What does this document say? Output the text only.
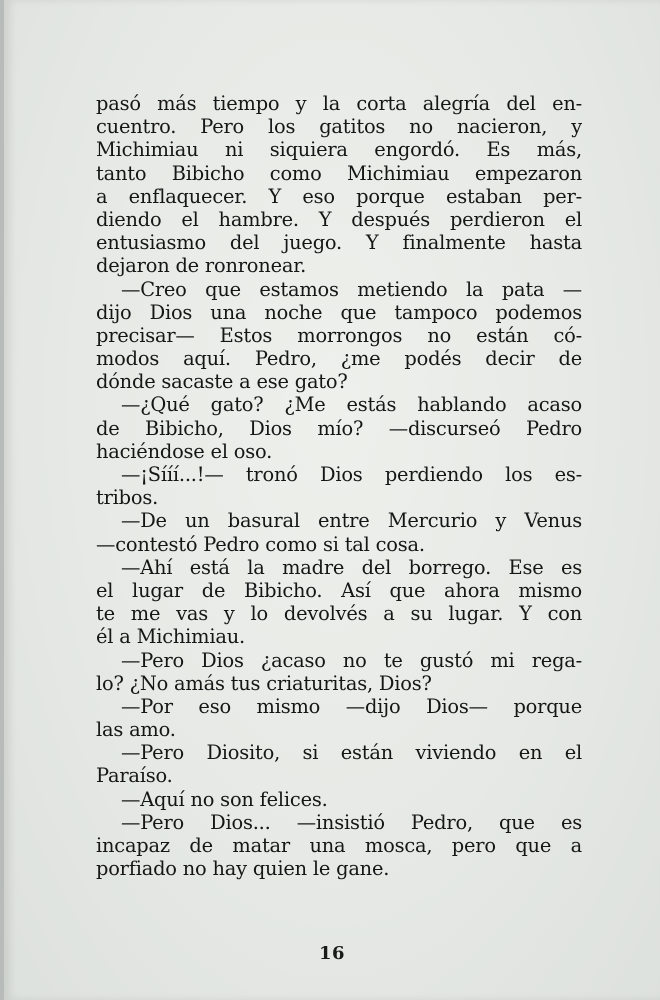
pasó más tiempo y la corta alegría del en-
cuentro. Pero los gatitos no nacieron, y
Michimiau ni siquiera engordó. Es más,
tanto Bibicho como Michimiau empezaron
a enflaquecer. Y eso porque estaban per-
diendo el hambre. Y después perdieron el
entusiasmo del juego. Y finalmente hasta
dejaron de ronronear.
—Creo que estamos metiendo la pata —
dijo Dios una noche que tampoco podemos
precisar— Estos morrongos no están có-
modos aquí. Pedro, ¿me podés decir de
dónde sacaste a ese gato?
—¿Qué gato? ¿Me estás hablando acaso
de Bibicho, Dios mío? —discurseó Pedro
haciéndose el oso.
—¡Sííí...!— tronó Dios perdiendo los es-
tribos.
—De un basural entre Mercurio y Venus
—contestó Pedro como si tal cosa.
—Ahí está la madre del borrego. Ese es
el lugar de Bibicho. Así que ahora mismo
te me vas y lo devolvés a su lugar. Y con
él a Michimiau.
—Pero Dios ¿acaso no te gustó mi rega-
lo? ¿No amás tus criaturitas, Dios?
—Por eso mismo —dijo Dios— porque
las amo.
—Pero Diosito, si están viviendo en el
Paraíso.
—Aquí no son felices.
—Pero Dios... —insistió Pedro, que es
incapaz de matar una mosca, pero que a
porfiado no hay quien le gane.
16
